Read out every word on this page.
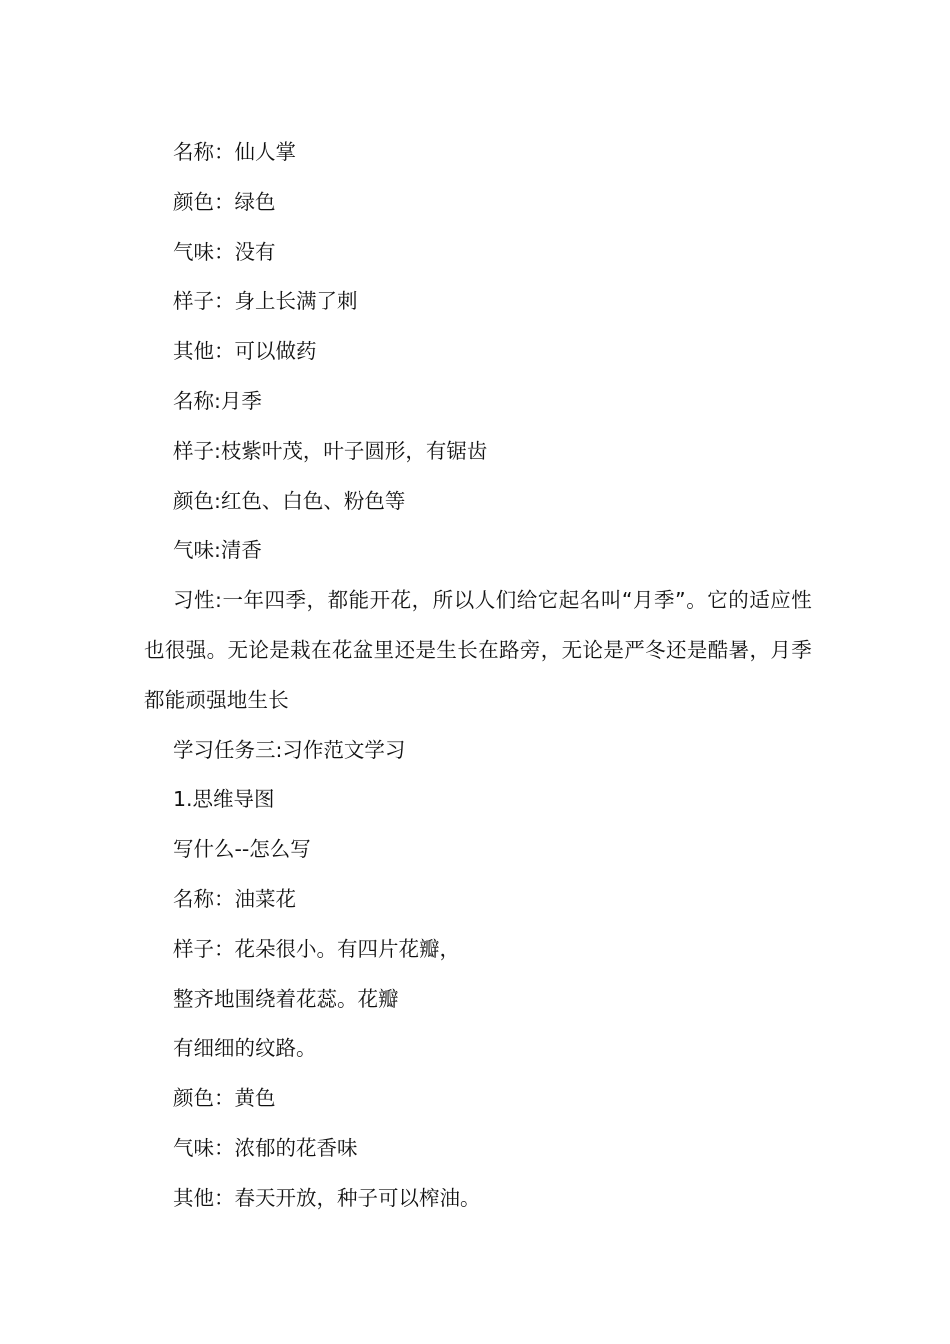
名称：仙人掌
颜色：绿色
气味：没有
样子：身上长满了刺
其他：可以做药
名称:月季
样子:枝紫叶茂，叶子圆形，有锯齿
颜色:红色、白色、粉色等
气味:清香
习性:一年四季，都能开花，所以人们给它起名叫“月季”。它的适应性也很强。无论是栽在花盆里还是生长在路旁，无论是严冬还是酷暑，月季都能顽强地生长
学习任务三:习作范文学习
1.思维导图
写什么--怎么写
名称：油菜花
样子：花朵很小。有四片花瓣，
整齐地围绕着花蕊。花瓣
有细细的纹路。
颜色：黄色
气味：浓郁的花香味
其他：春天开放，种子可以榨油。
